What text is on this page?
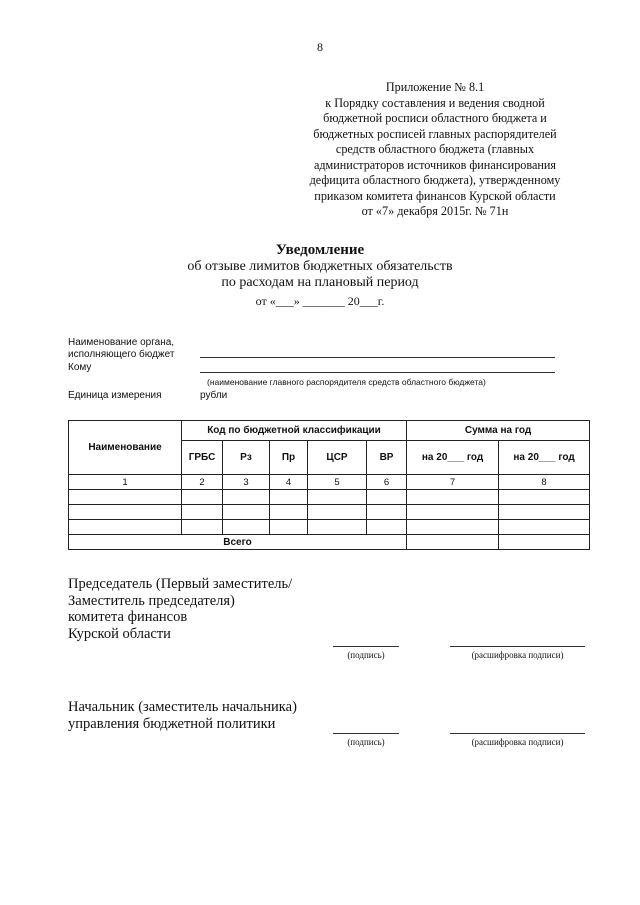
8
Приложение № 8.1
к Порядку составления и ведения сводной
бюджетной росписи областного бюджета и
бюджетных росписей главных распорядителей
средств областного бюджета (главных
администраторов источников финансирования
дефицита областного бюджета), утвержденному
приказом комитета финансов Курской области
от «7» декабря 2015г. № 71н
Уведомление
об отзыве лимитов бюджетных обязательств
по расходам на плановый период
от «___» _______ 20___г.
Наименование органа,
исполняющего бюджет
Кому
(наименование главного распорядителя средств областного бюджета)
Единица измерения	рубли
Наименование	Код по бюджетной классификации					Сумма на год	
	ГРБС	Рз	Пр	ЦСР	ВР	на 20___ год	на 20___ год
1	2	3	4	5	6	7	8

Всего							
Председатель (Первый заместитель/
Заместитель председателя)
комитета финансов
Курской области
(подпись)	(расшифровка подписи)
Начальник (заместитель начальника)
управления бюджетной политики
(подпись)	(расшифровка подписи)
